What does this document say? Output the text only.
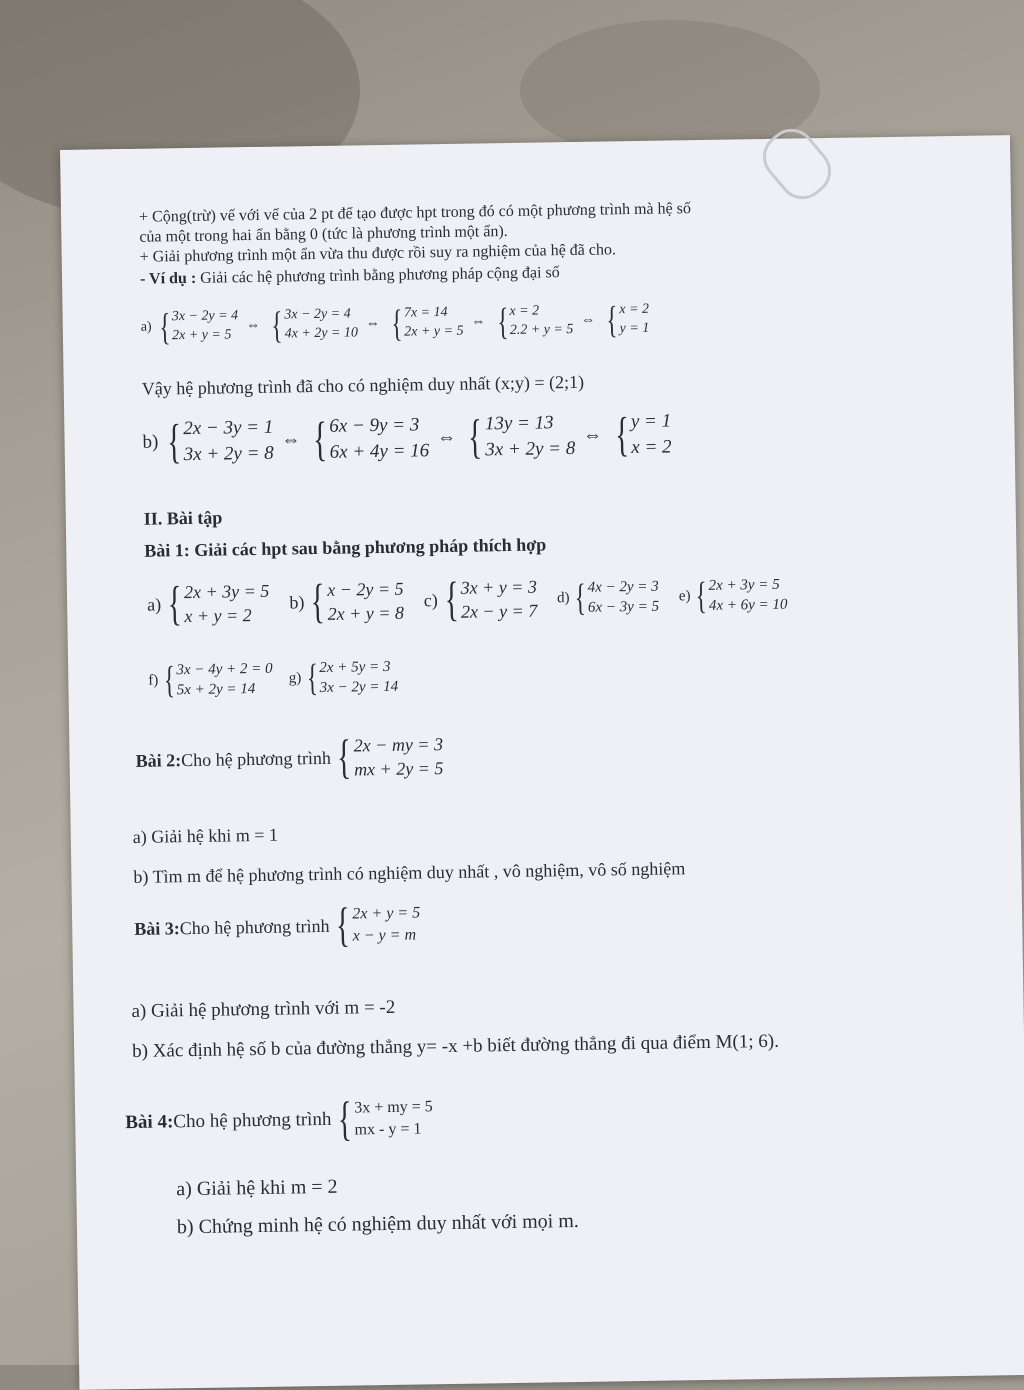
+ Cộng(trừ) vế với vế của 2 pt để tạo được hpt trong đó có một phương trình mà hệ số
của một trong hai ẩn bằng 0 (tức là phương trình một ẩn).
+ Giải phương trình một ẩn vừa thu được rồi suy ra nghiệm của hệ đã cho.
- Ví dụ : Giải các hệ phương trình bằng phương pháp cộng đại số
a) { 3x − 2y = 4
2x + y = 5
⇔ { 3x − 2y = 4
4x + 2y = 10
⇔ { 7x = 14
2x + y = 5
⇔ { x = 2
2.2 + y = 5
⇔ { x = 2
y = 1
Vậy hệ phương trình đã cho có nghiệm duy nhất (x;y) = (2;1)
b) { 2x − 3y = 1
3x + 2y = 8
⇔ { 6x − 9y = 3
6x + 4y = 16
⇔ { 13y = 13
3x + 2y = 8
⇔ { y = 1
x = 2
II. Bài tập
Bài 1: Giải các hpt sau bằng phương pháp thích hợp
a) { 2x + 3y = 5
x + y = 2
b) { x − 2y = 5
2x + y = 8
c) { 3x + y = 3
2x − y = 7
d) { 4x − 2y = 3
6x − 3y = 5
e) { 2x + 3y = 5
4x + 6y = 10
f) { 3x − 4y + 2 = 0
5x + 2y = 14
g) { 2x + 5y = 3
3x − 2y = 14
Bài 2: Cho hệ phương trình { 2x − my = 3
mx + 2y = 5
a) Giải hệ khi m = 1
b) Tìm m để hệ phương trình có nghiệm duy nhất , vô nghiệm, vô số nghiệm
Bài 3: Cho hệ phương trình { 2x + y = 5
x − y = m
a) Giải hệ phương trình với m = -2
b) Xác định hệ số b của đường thẳng y= -x +b biết đường thẳng đi qua điểm M(1; 6).
Bài 4: Cho hệ phương trình { 3x + my = 5
mx - y = 1
a) Giải hệ khi m = 2
b) Chứng minh hệ có nghiệm duy nhất với mọi m.
